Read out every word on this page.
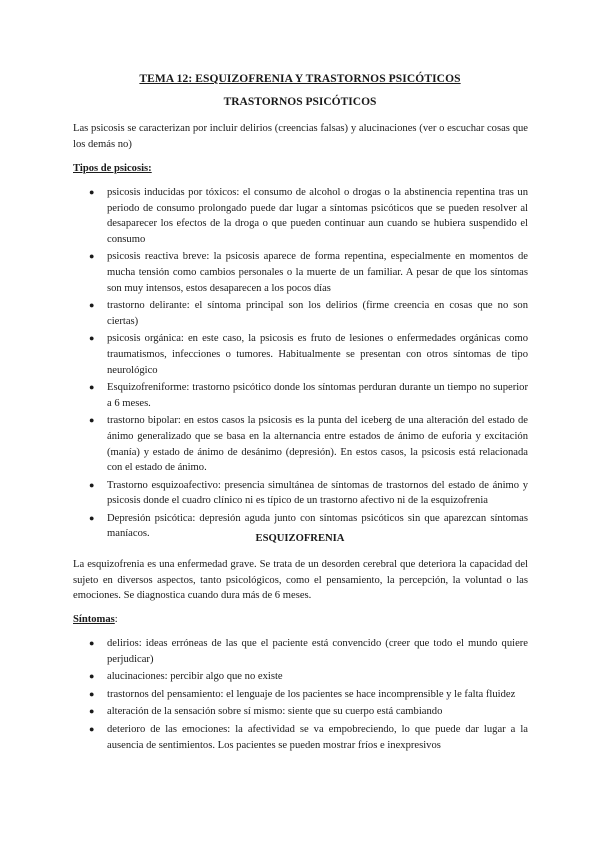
TEMA 12: ESQUIZOFRENIA Y TRASTORNOS PSICÓTICOS
TRASTORNOS PSICÓTICOS
Las psicosis se caracterizan por incluir delirios (creencias falsas) y alucinaciones (ver o escuchar cosas que los demás no)
Tipos de psicosis:
● psicosis inducidas por tóxicos: el consumo de alcohol o drogas o la abstinencia repentina tras un periodo de consumo prolongado puede dar lugar a síntomas psicóticos que se pueden resolver al desaparecer los efectos de la droga o que pueden continuar aun cuando se hubiera suspendido el consumo
● psicosis reactiva breve: la psicosis aparece de forma repentina, especialmente en momentos de mucha tensión como cambios personales o la muerte de un familiar. A pesar de que los síntomas son muy intensos, estos desaparecen a los pocos días
● trastorno delirante: el síntoma principal son los delirios (firme creencia en cosas que no son ciertas)
● psicosis orgánica: en este caso, la psicosis es fruto de lesiones o enfermedades orgánicas como traumatismos, infecciones o tumores. Habitualmente se presentan con otros síntomas de tipo neurológico
● Esquizofreniforme: trastorno psicótico donde los síntomas perduran durante un tiempo no superior a 6 meses.
● trastorno bipolar: en estos casos la psicosis es la punta del iceberg de una alteración del estado de ánimo generalizado que se basa en la alternancia entre estados de ánimo de euforia y excitación (manía) y estado de ánimo de desánimo (depresión). En estos casos, la psicosis está relacionada con el estado de ánimo.
● Trastorno esquizoafectivo: presencia simultánea de síntomas de trastornos del estado de ánimo y psicosis donde el cuadro clínico ni es típico de un trastorno afectivo ni de la esquizofrenia
● Depresión psicótica: depresión aguda junto con síntomas psicóticos sin que aparezcan síntomas maníacos.	ESQUIZOFRENIA
La esquizofrenia es una enfermedad grave. Se trata de un desorden cerebral que deteriora la capacidad del sujeto en diversos aspectos, tanto psicológicos, como el pensamiento, la percepción, la voluntad o las emociones. Se diagnostica cuando dura más de 6 meses.
Síntomas:
● delirios: ideas erróneas de las que el paciente está convencido (creer que todo el mundo quiere perjudicar)
● alucinaciones: percibir algo que no existe
● trastornos del pensamiento: el lenguaje de los pacientes se hace incomprensible y le falta fluidez
● alteración de la sensación sobre sí mismo: siente que su cuerpo está cambiando
● deterioro de las emociones: la afectividad se va empobreciendo, lo que puede dar lugar a la ausencia de sentimientos. Los pacientes se pueden mostrar fríos e inexpresivos
